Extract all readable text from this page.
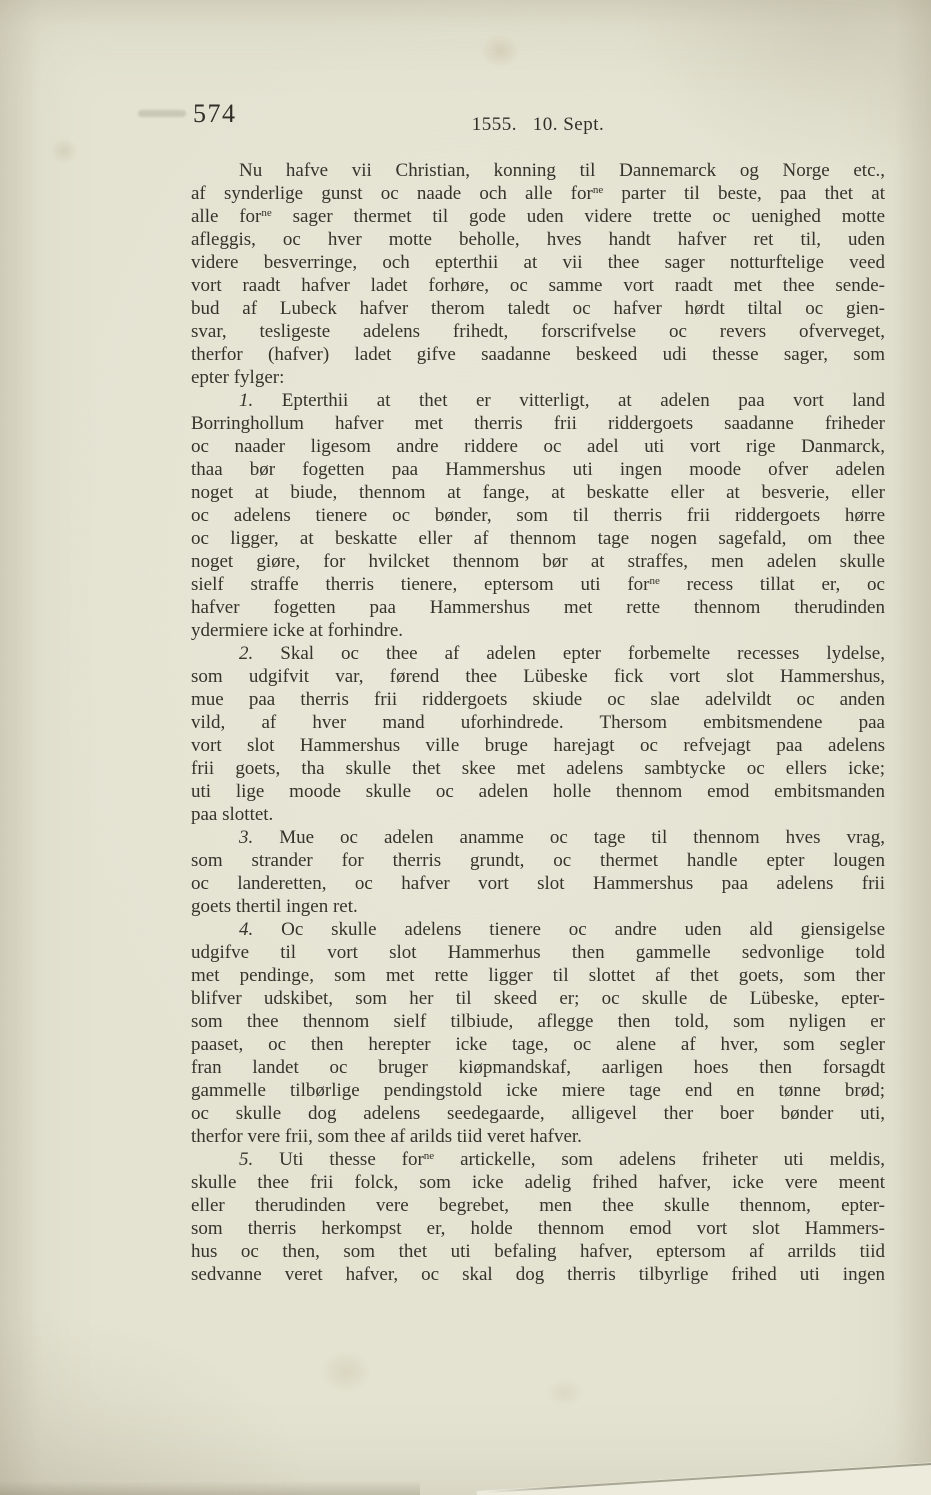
574	1555.   10. Sept.
Nu hafve vii Christian, konning til Dannemarck og Norge etc.,
af synderlige gunst oc naade och alle for$^{ne}$ parter til beste, paa thet at
alle for$^{ne}$ sager thermet til gode uden videre trette oc uenighed motte
afleggis, oc hver motte beholle, hves handt hafver ret til, uden
videre besverringe, och epterthii at vii thee sager notturftelige veed
vort raadt hafver ladet forhøre, oc samme vort raadt met thee sende-
bud af Lubeck hafver therom taledt oc hafver hørdt tiltal oc gien-
svar, tesligeste adelens frihedt, forscrifvelse oc revers ofverveget,
therfor (hafver) ladet gifve saadanne beskeed udi thesse sager, som
epter fylger:
1. Epterthii at thet er vitterligt, at adelen paa vort land
Borringhollum hafver met therris frii riddergoets saadanne friheder
oc naader ligesom andre riddere oc adel uti vort rige Danmarck,
thaa bør fogetten paa Hammershus uti ingen moode ofver adelen
noget at biude, thennom at fange, at beskatte eller at besverie, eller
oc adelens tienere oc bønder, som til therris frii riddergoets hørre
oc ligger, at beskatte eller af thennom tage nogen sagefald, om thee
noget giøre, for hvilcket thennom bør at straffes, men adelen skulle
sielf straffe therris tienere, eptersom uti for$^{ne}$ recess tillat er, oc
hafver fogetten paa Hammershus met rette thennom therudinden
ydermiere icke at forhindre.
2. Skal oc thee af adelen epter forbemelte recesses lydelse,
som udgifvit var, førend thee Lübeske fick vort slot Hammershus,
mue paa therris frii riddergoets skiude oc slae adelvildt oc anden
vild, af hver mand uforhindrede. Thersom embitsmendene paa
vort slot Hammershus ville bruge harejagt oc refvejagt paa adelens
frii goets, tha skulle thet skee met adelens sambtycke oc ellers icke;
uti lige moode skulle oc adelen holle thennom emod embitsmanden
paa slottet.
3. Mue oc adelen anamme oc tage til thennom hves vrag,
som strander for therris grundt, oc thermet handle epter lougen
oc landeretten, oc hafver vort slot Hammershus paa adelens frii
goets thertil ingen ret.
4. Oc skulle adelens tienere oc andre uden ald giensigelse
udgifve til vort slot Hammerhus then gammelle sedvonlige told
met pendinge, som met rette ligger til slottet af thet goets, som ther
blifver udskibet, som her til skeed er; oc skulle de Lübeske, epter-
som thee thennom sielf tilbiude, aflegge then told, som nyligen er
paaset, oc then herepter icke tage, oc alene af hver, som segler
fran landet oc bruger kiøpmandskaf, aarligen hoes then forsagdt
gammelle tilbørlige pendingstold icke miere tage end en tønne brød;
oc skulle dog adelens seedegaarde, alligevel ther boer bønder uti,
therfor vere frii, som thee af arilds tiid veret hafver.
5. Uti thesse for$^{ne}$ artickelle, som adelens friheter uti meldis,
skulle thee frii folck, som icke adelig frihed hafver, icke vere meent
eller therudinden vere begrebet, men thee skulle thennom, epter-
som therris herkompst er, holde thennom emod vort slot Hammers-
hus oc then, som thet uti befaling hafver, eptersom af arrilds tiid
sedvanne veret hafver, oc skal dog therris tilbyrlige frihed uti ingen
